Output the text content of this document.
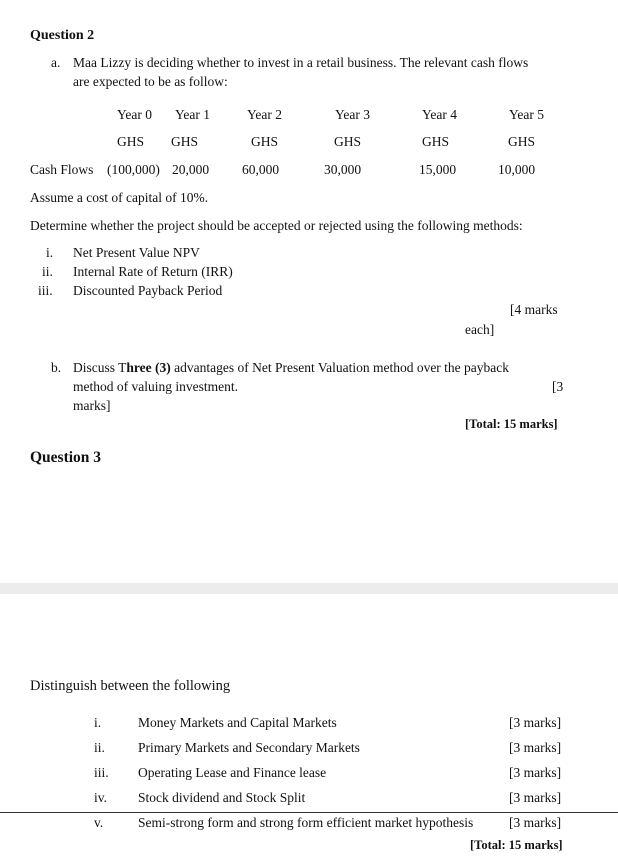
Question 2
a. Maa Lizzy is deciding whether to invest in a retail business. The relevant cash flows
are expected to be as follow:
Year 0 Year 1	Year 2	Year 3	Year 4	Year 5
GHS GHS	GHS	GHS	GHS	GHS
Cash Flows (100,000) 20,000 60,000	30,000	15,000	10,000
Assume a cost of capital of 10%.
Determine whether the project should be accepted or rejected using the following methods:
i. Net Present Value NPV
ii. Internal Rate of Return (IRR)
iii. Discounted Payback Period
[4 marks
each]
b. Discuss Three (3) advantages of Net Present Valuation method over the payback
method of valuing investment.	[3
marks]
[Total: 15 marks]
Question 3
Distinguish between the following
i.	Money Markets and Capital Markets	[3 marks]
ii. Primary Markets and Secondary Markets	[3 marks]
iii. Operating Lease and Finance lease	[3 marks]
iv. Stock dividend and Stock Split	[3 marks]
v.	Semi-strong form and strong form efficient market hypothesis	[3 marks]
[Total: 15 marks]
